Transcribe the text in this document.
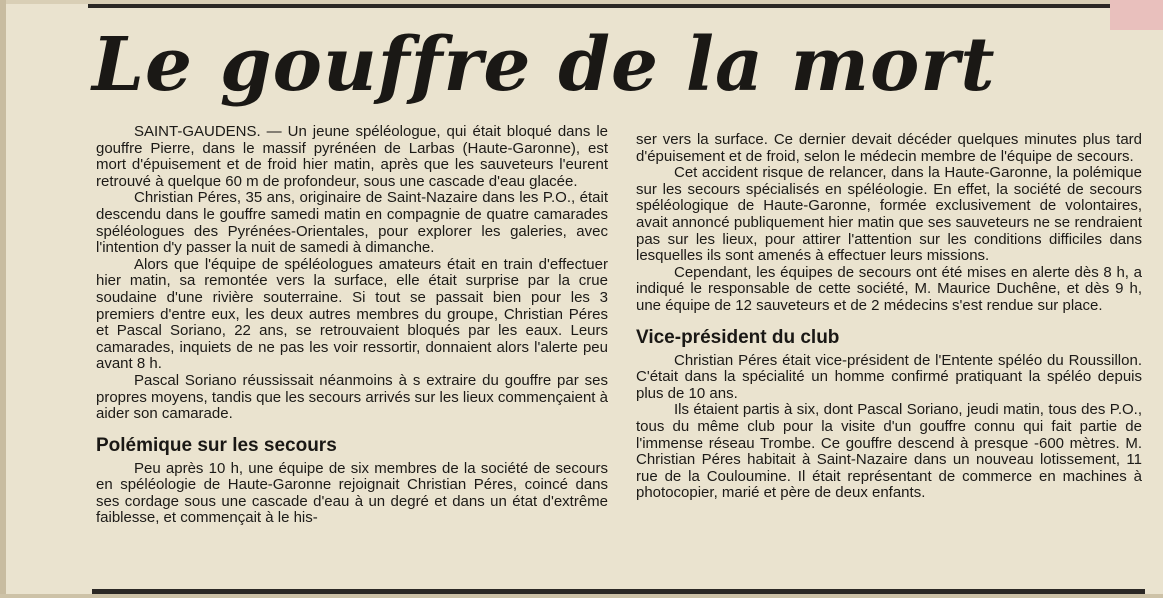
Le gouffre de la mort

SAINT-GAUDENS. — Un jeune spéléologue, qui était bloqué dans le gouffre Pierre, dans le massif pyrénéen de Larbas (Haute-Garonne), est mort d'épuisement et de froid hier matin, après que les sauveteurs l'eurent retrouvé à quelque 60 m de profondeur, sous une cascade d'eau glacée.

Christian Péres, 35 ans, originaire de Saint-Nazaire dans les P.O., était descendu dans le gouffre samedi matin en compagnie de quatre camarades spéléologues des Pyrénées-Orientales, pour explorer les galeries, avec l'intention d'y passer la nuit de samedi à dimanche.

Alors que l'équipe de spéléologues amateurs était en train d'effectuer hier matin, sa remontée vers la surface, elle était surprise par la crue soudaine d'une rivière souterraine. Si tout se passait bien pour les 3 premiers d'entre eux, les deux autres membres du groupe, Christian Péres et Pascal Soriano, 22 ans, se retrouvaient bloqués par les eaux. Leurs camarades, inquiets de ne pas les voir ressortir, donnaient alors l'alerte peu avant 8 h.

Pascal Soriano réussissait néanmoins à s extraire du gouffre par ses propres moyens, tandis que les secours arrivés sur les lieux commençaient à aider son camarade.

Polémique sur les secours

Peu après 10 h, une équipe de six membres de la société de secours en spéléologie de Haute-Garonne rejoignait Christian Péres, coincé dans ses cordage sous une cascade d'eau à un degré et dans un état d'extrême faiblesse, et commençait à le his-

ser vers la surface. Ce dernier devait décéder quelques minutes plus tard d'épuisement et de froid, selon le médecin membre de l'équipe de secours.

Cet accident risque de relancer, dans la Haute-Garonne, la polémique sur les secours spécialisés en spéléologie. En effet, la société de secours spéléologique de Haute-Garonne, formée exclusivement de volontaires, avait annoncé publiquement hier matin que ses sauveteurs ne se rendraient pas sur les lieux, pour attirer l'attention sur les conditions difficiles dans lesquelles ils sont amenés à effectuer leurs missions.

Cependant, les équipes de secours ont été mises en alerte dès 8 h, a indiqué le responsable de cette société, M. Maurice Duchêne, et dès 9 h, une équipe de 12 sauveteurs et de 2 médecins s'est rendue sur place.

Vice-président du club

Christian Péres était vice-président de l'Entente spéléo du Roussillon. C'était dans la spécialité un homme confirmé pratiquant la spéléo depuis plus de 10 ans.

Ils étaient partis à six, dont Pascal Soriano, jeudi matin, tous des P.O., tous du même club pour la visite d'un gouffre connu qui fait partie de l'immense réseau Trombe. Ce gouffre descend à presque -600 mètres. M. Christian Péres habitait à Saint-Nazaire dans un nouveau lotissement, 11 rue de la Couloumine. Il était représentant de commerce en machines à photocopier, marié et père de deux enfants.
